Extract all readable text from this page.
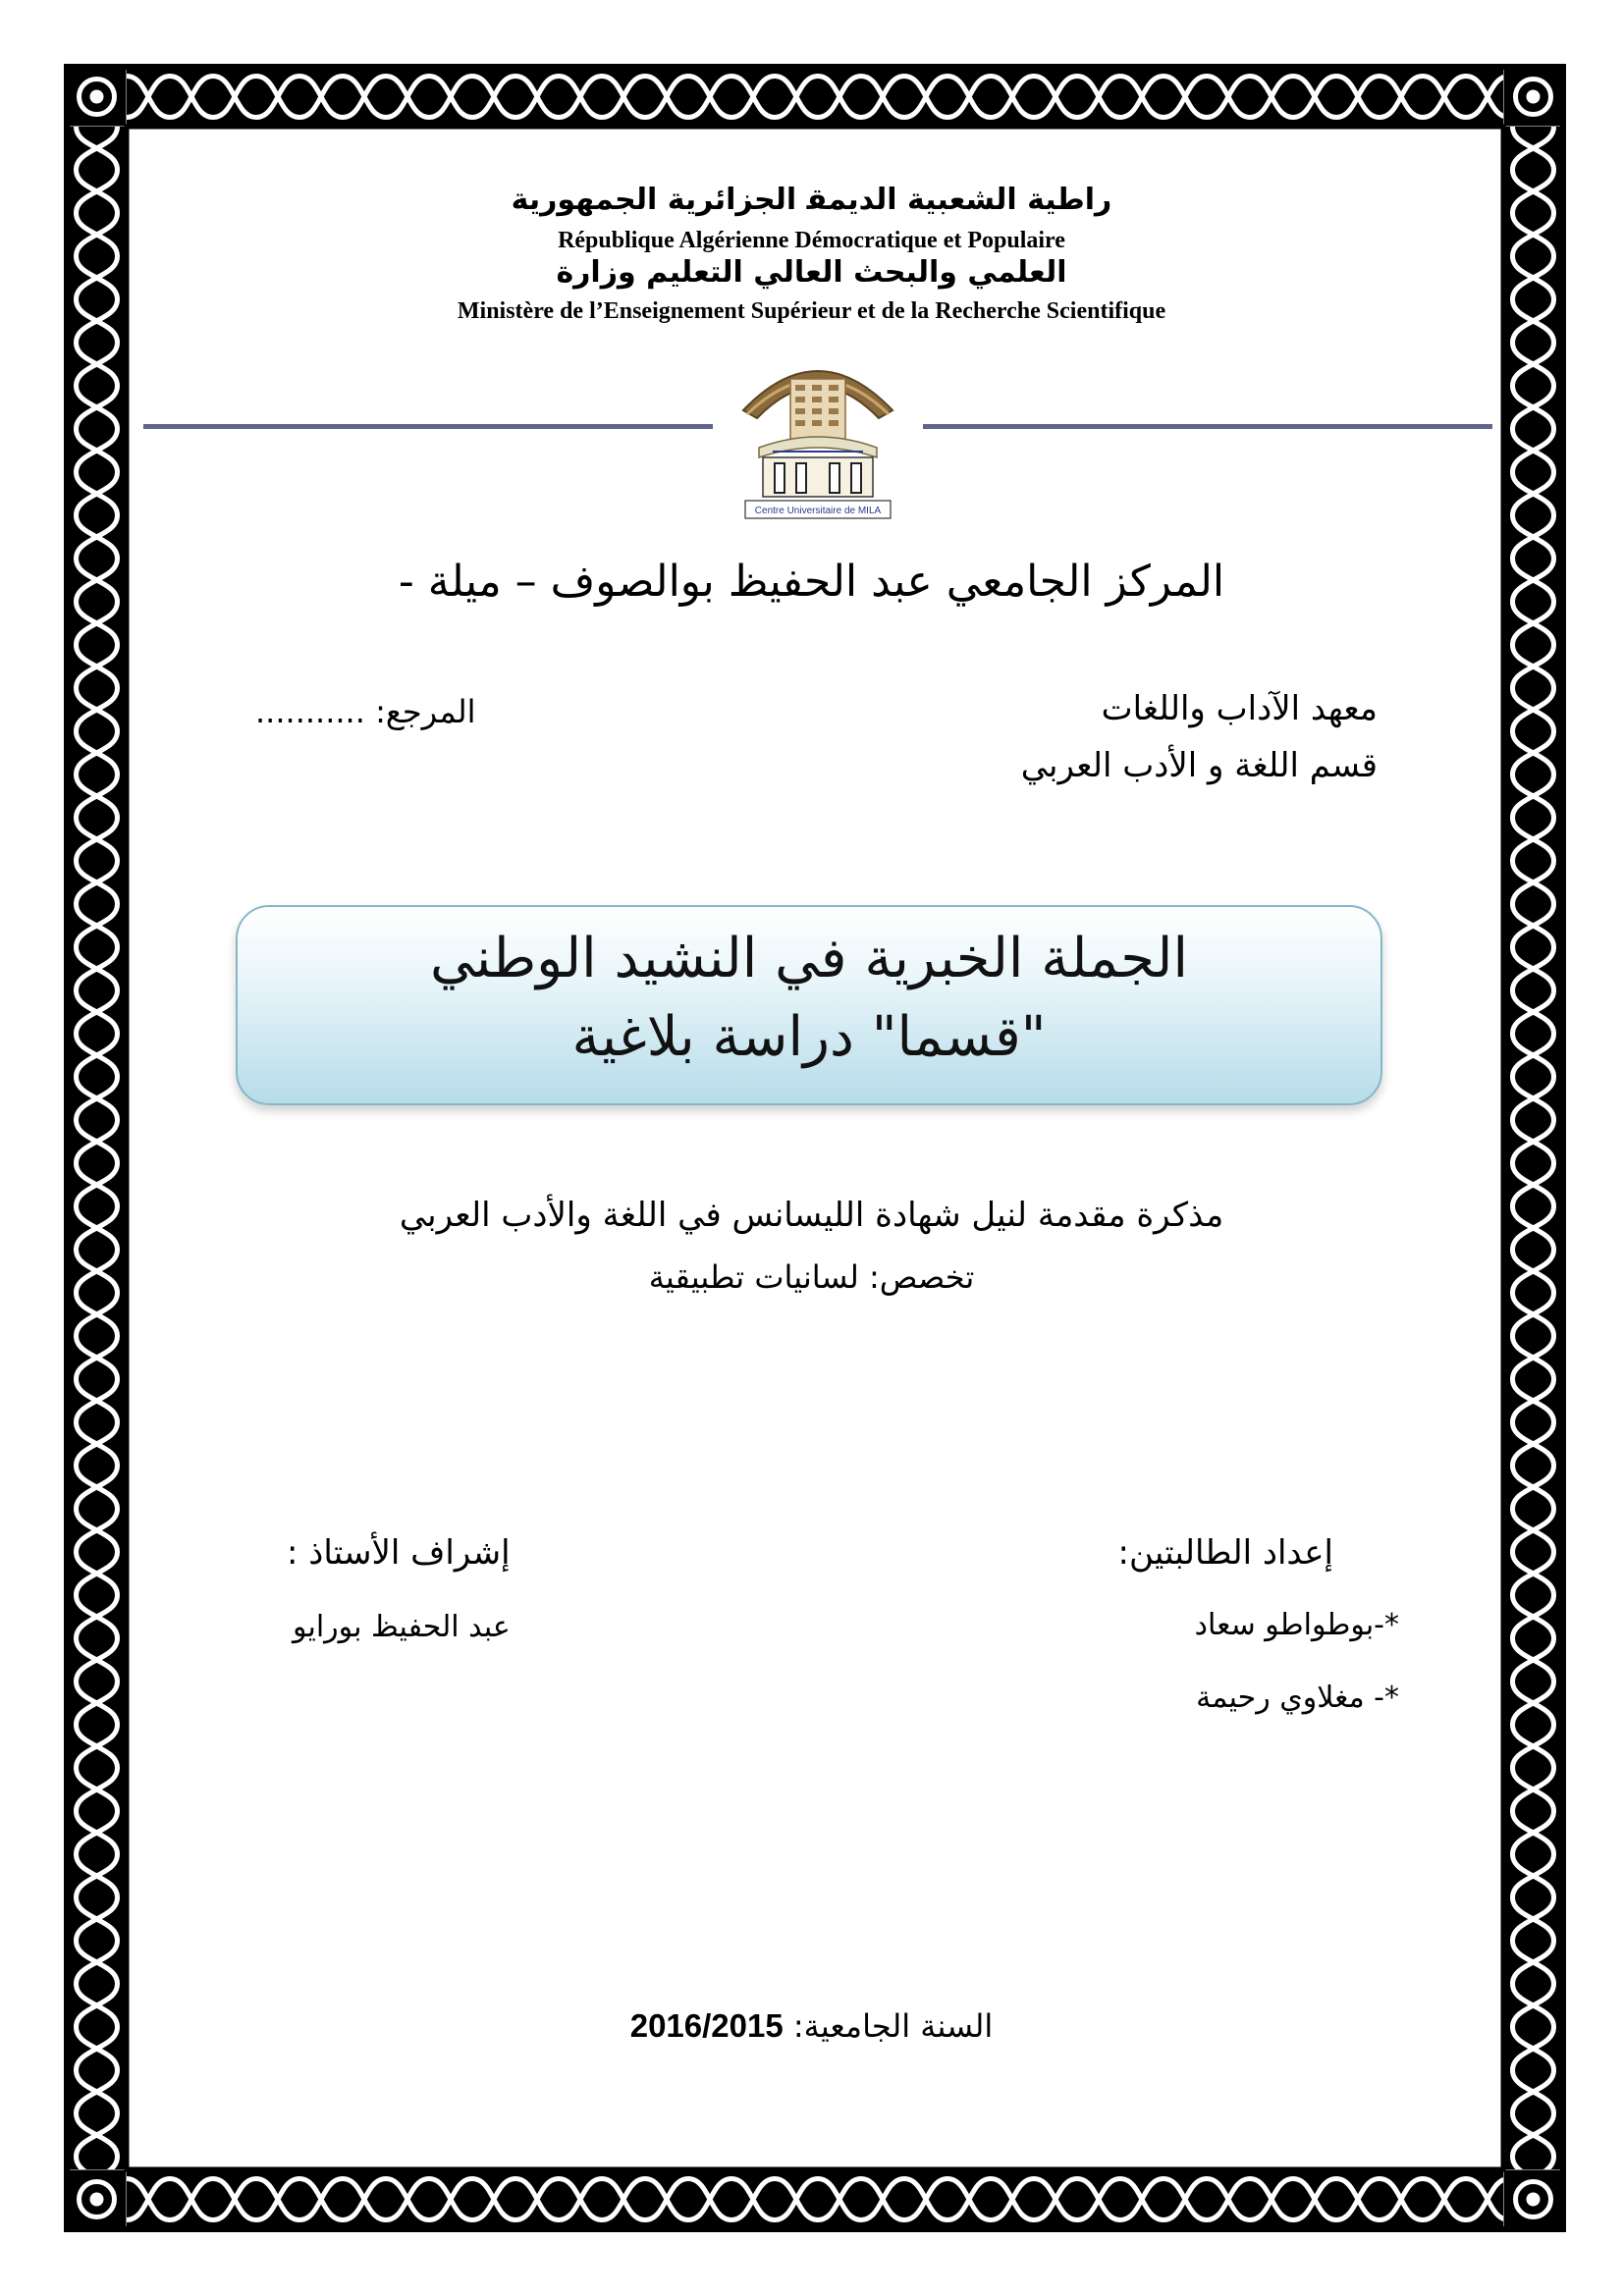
ﺭﺍﻃﻴﺔ ﺍﻟﺸﻌﺒﻴﺔ ﺍﻟﺪﻳﻤﻘ ﺍﻟﺠﺰﺍﺋﺮﻳﺔ ﺍﻟﺠﻤﻬﻮﺭﻳﺔ
République Algérienne Démocratique et Populaire
ﺍﻟﻌﻠﻤﻲ ﻭﺍﻟﺒﺤﺚ ﺍﻟﻌﺎﻟﻲ ﺍﻟﺘﻌﻠﻴﻢ ﻭﺯﺍﺭﺓ
Ministère de l’Enseignement Supérieur et de la Recherche Scientifique
Centre Universitaire de MILA
المركز الجامعي عبد الحفيظ بوالصوف – ميلة -
معهد الآداب واللغات
قسم اللغة و الأدب العربي
المرجع: ...........
الجملة الخبرية في النشيد الوطني
"قسما" دراسة بلاغية
مذكرة مقدمة لنيل شهادة الليسانس في اللغة والأدب العربي
تخصص: لسانيات تطبيقية
إعداد الطالبتين:
*-بوطواطو سعاد
*- مغلاوي رحيمة
إشراف الأستاذ :
عبد الحفيظ بورايو
السنة الجامعية: 2016/2015
